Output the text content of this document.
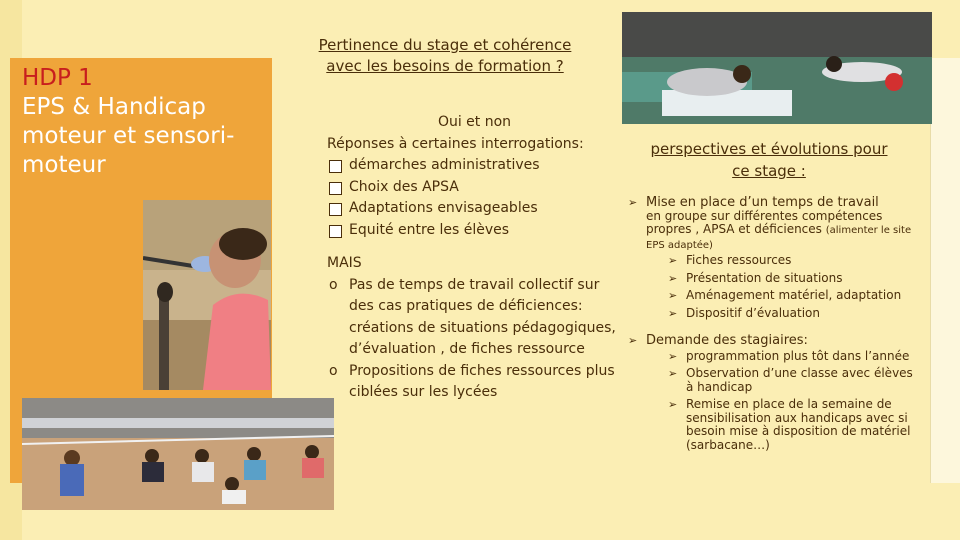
HDP 1
EPS & Handicap
moteur et sensori-
moteur
Pertinence du stage et cohérence avec les besoins de formation ?
Oui et non
Réponses à certaines interrogations:
démarches administratives
Choix des APSA
Adaptations envisageables
Equité entre les élèves
MAIS
o Pas de temps de travail collectif sur des cas pratiques de déficiences: créations de situations pédagogiques, d’évaluation , de fiches ressource
o Propositions de fiches ressources plus ciblées sur les lycées
perspectives et évolutions pour ce stage :
➢ Mise en place d’un temps de travail
en groupe sur différentes compétences propres , APSA et déficiences (alimenter le site EPS adaptée)
➢ Fiches ressources
➢ Présentation de situations
➢ Aménagement matériel, adaptation
➢ Dispositif d’évaluation
➢ Demande des stagiaires:
➢ programmation plus tôt dans l’année
➢ Observation d’une classe avec élèves à handicap
➢ Remise en place de la semaine de sensibilisation aux handicaps avec si besoin mise à disposition de matériel (sarbacane…)
